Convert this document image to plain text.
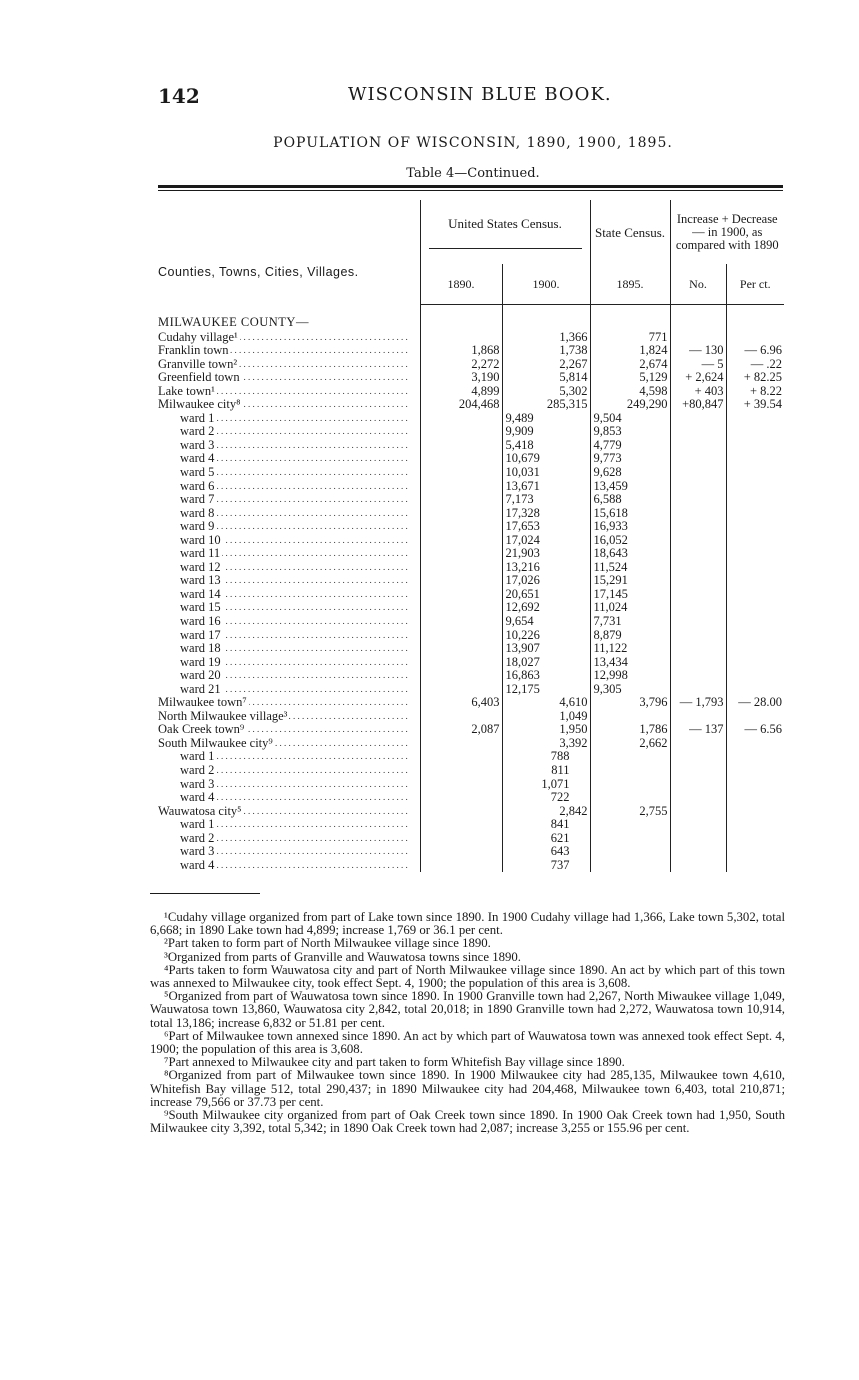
142	WISCONSIN BLUE BOOK.
POPULATION OF WISCONSIN, 1890, 1900, 1895.
Table 4—Continued.
Counties, Towns, Cities, Villages.	United States Census.		State Census.	Increase + Decrease — in 1900, as compared with 1890	
	1890.	1900.	1895.	No.	Per ct.
MILWAUKEE COUNTY—					
Cudahy village¹ . . .		1,366	771		
Franklin town . . .	1,868	1,738	1,824	— 130	— 6.96
Granville town² . . .	2,272	2,267	2,674	— 5	— .22
Greenfield town . . .	3,190	5,814	5,129	+ 2,624	+ 82.25
Lake town¹ . . .	4,899	5,302	4,598	+ 403	+ 8.22
Milwaukee city⁸ . . .	204,468	285,315	249,290	+80,847	+ 39.54
ward 1 . . .		9,489	9,504		
ward 2 . . .		9,909	9,853		
ward 3 . . .		5,418	4,779		
ward 4 . . .		10,679	9,773		
ward 5 . . .		10,031	9,628		
ward 6 . . .		13,671	13,459		
ward 7 . . .		7,173	6,588		
ward 8 . . .		17,328	15,618		
ward 9 . . .		17,653	16,933		
ward 10 . . .		17,024	16,052		
ward 11 . . .		21,903	18,643		
ward 12 . . .		13,216	11,524		
ward 13 . . .		17,026	15,291		
ward 14 . . .		20,651	17,145		
ward 15 . . .		12,692	11,024		
ward 16 . . .		9,654	7,731		
ward 17 . . .		10,226	8,879		
ward 18 . . .		13,907	11,122		
ward 19 . . .		18,027	13,434		
ward 20 . . .		16,863	12,998		
ward 21 . . .		12,175	9,305		
Milwaukee town⁷ . . .	6,403	4,610	3,796	— 1,793	— 28.00
North Milwaukee village³ . . .		1,049			
Oak Creek town⁹ . . .	2,087	1,950	1,786	— 137	— 6.56
South Milwaukee city⁹ . . .		3,392	2,662		
ward 1 . . .		788			
ward 2 . . .		811			
ward 3 . . .		1,071			
ward 4 . . .		722			
Wauwatosa city⁵ . . .		2,842	2,755		
ward 1 . . .		841			
ward 2 . . .		621			
ward 3 . . .		643			
ward 4 . . .		737			

¹Cudahy village organized from part of Lake town since 1890. In 1900 Cudahy village had 1,366, Lake town 5,302, total 6,668; in 1890 Lake town had 4,899; increase 1,769 or 36.1 per cent.

²Part taken to form part of North Milwaukee village since 1890.

³Organized from parts of Granville and Wauwatosa towns since 1890.

⁴Parts taken to form Wauwatosa city and part of North Milwaukee village since 1890. An act by which part of this town was annexed to Milwaukee city, took effect Sept. 4, 1900; the population of this area is 3,608.

⁵Organized from part of Wauwatosa town since 1890. In 1900 Granville town had 2,267, North Miwaukee village 1,049, Wauwatosa town 13,860, Wauwatosa city 2,842, total 20,018; in 1890 Granville town had 2,272, Wauwatosa town 10,914, total 13,186; increase 6,832 or 51.81 per cent.

⁶Part of Milwaukee town annexed since 1890. An act by which part of Wauwatosa town was annexed took effect Sept. 4, 1900; the population of this area is 3,608.

⁷Part annexed to Milwaukee city and part taken to form Whitefish Bay village since 1890.

⁸Organized from part of Milwaukee town since 1890. In 1900 Milwaukee city had 285,135, Milwaukee town 4,610, Whitefish Bay village 512, total 290,437; in 1890 Milwaukee city had 204,468, Milwaukee town 6,403, total 210,871; increase 79,566 or 37.73 per cent.

⁹South Milwaukee city organized from part of Oak Creek town since 1890. In 1900 Oak Creek town had 1,950, South Milwaukee city 3,392, total 5,342; in 1890 Oak Creek town had 2,087; increase 3,255 or 155.96 per cent.
